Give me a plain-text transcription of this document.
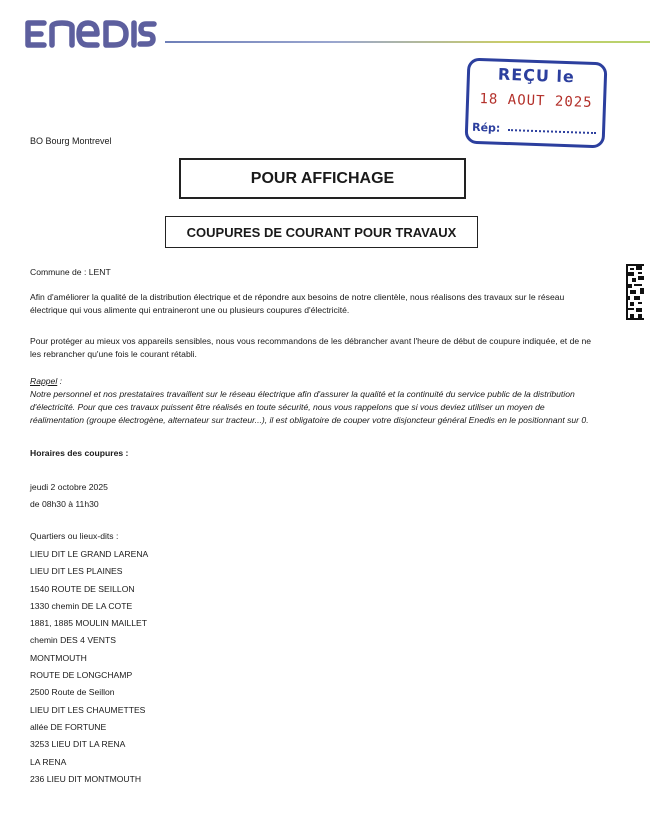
REÇU le
18 AOUT 2025
Rép:
BO Bourg Montrevel
POUR AFFICHAGE
COUPURES DE COURANT POUR TRAVAUX
Commune de : LENT
Afin d'améliorer la qualité de la distribution électrique et de répondre aux besoins de notre clientèle, nous réalisons des travaux sur le réseau électrique qui vous alimente qui entraineront une ou plusieurs coupures d'électricité.
Pour protéger au mieux vos appareils sensibles, nous vous recommandons de les débrancher avant l'heure de début de coupure indiquée, et de ne les rebrancher qu'une fois le courant rétabli.
Rappel :
Notre personnel et nos prestataires travaillent sur le réseau électrique afin d'assurer la qualité et la continuité du service public de la distribution d'électricité. Pour que ces travaux puissent être réalisés en toute sécurité, nous vous rappelons que si vous deviez utiliser un moyen de réalimentation (groupe électrogène, alternateur sur tracteur...), il est obligatoire de couper votre disjoncteur général Enedis en le positionnant sur 0.
Horaires des coupures :
jeudi 2 octobre 2025
de 08h30 à 11h30
Quartiers ou lieux-dits :
LIEU DIT LE GRAND LARENA
LIEU DIT LES PLAINES
1540 ROUTE DE SEILLON
1330 chemin DE LA COTE
1881, 1885 MOULIN MAILLET
chemin DES 4 VENTS
MONTMOUTH
ROUTE DE LONGCHAMP
2500 Route de Seillon
LIEU DIT LES CHAUMETTES
allée DE FORTUNE
3253 LIEU DIT LA RENA
LA RENA
236 LIEU DIT MONTMOUTH
